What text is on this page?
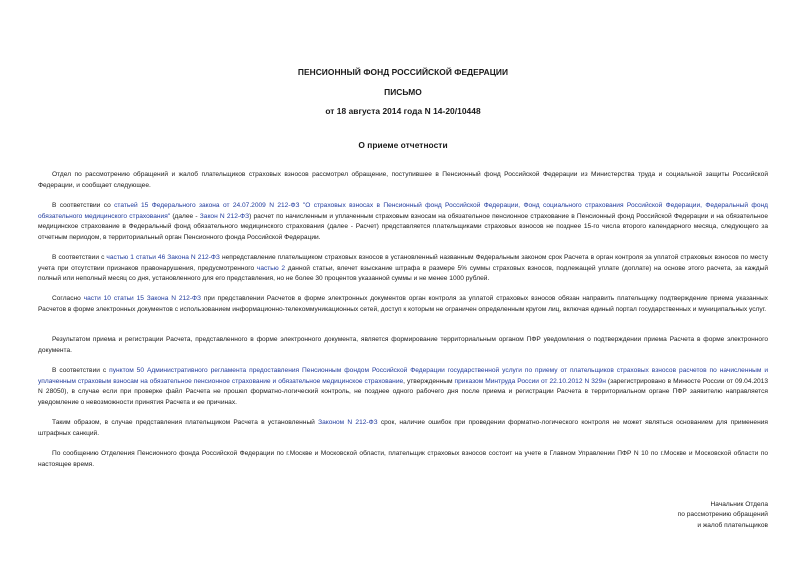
ПЕНСИОННЫЙ ФОНД РОССИЙСКОЙ ФЕДЕРАЦИИ
ПИСЬМО
от 18 августа 2014 года N 14-20/10448
О приеме отчетности

Отдел по рассмотрению обращений и жалоб плательщиков страховых взносов рассмотрел обращение, поступившее в Пенсионный фонд Российской Федерации из Министерства труда и социальной защиты Российской Федерации, и сообщает следующее.

В соответствии со статьей 15 Федерального закона от 24.07.2009 N 212-ФЗ "О страховых взносах в Пенсионный фонд Российской Федерации, Фонд социального страхования Российской Федерации, Федеральный фонд обязательного медицинского страхования" (далее - Закон N 212-ФЗ) расчет по начисленным и уплаченным страховым взносам на обязательное пенсионное страхование в Пенсионный фонд Российской Федерации и на обязательное медицинское страхование в Федеральный фонд обязательного медицинского страхования (далее - Расчет) представляется плательщиками страховых взносов не позднее 15-го числа второго календарного месяца, следующего за отчетным периодом, в территориальный орган Пенсионного фонда Российской Федерации.

В соответствии с частью 1 статьи 46 Закона N 212-ФЗ непредставление плательщиком страховых взносов в установленный названным Федеральным законом срок Расчета в орган контроля за уплатой страховых взносов по месту учета при отсутствии признаков правонарушения, предусмотренного частью 2 данной статьи, влечет взыскание штрафа в размере 5% суммы страховых взносов, подлежащей уплате (доплате) на основе этого расчета, за каждый полный или неполный месяц со дня, установленного для его представления, но не более 30 процентов указанной суммы и не менее 1000 рублей.

Согласно части 10 статьи 15 Закона N 212-ФЗ при представлении Расчетов в форме электронных документов орган контроля за уплатой страховых взносов обязан направить плательщику подтверждение приема указанных Расчетов в форме электронных документов с использованием информационно-телекоммуникационных сетей, доступ к которым не ограничен определенным кругом лиц, включая единый портал государственных и муниципальных услуг.

Результатом приема и регистрации Расчета, представленного в форме электронного документа, является формирование территориальным органом ПФР уведомления о подтверждении приема Расчета в форме электронного документа.

В соответствии с пунктом 50 Административного регламента предоставления Пенсионным фондом Российской Федерации государственной услуги по приему от плательщиков страховых взносов расчетов по начисленным и уплаченным страховым взносам на обязательное пенсионное страхование и обязательное медицинское страхование, утвержденным приказом Минтруда России от 22.10.2012 N 329н (зарегистрировано в Минюсте России от 09.04.2013 N 28050), в случае если при проверке файл Расчета не прошел форматно-логический контроль, не позднее одного рабочего дня после приема и регистрации Расчета в территориальном органе ПФР заявителю направляется уведомление о невозможности принятия Расчета и ее причинах.

Таким образом, в случае представления плательщиком Расчета в установленный Законом N 212-ФЗ срок, наличие ошибок при проведении форматно-логического контроля не может являться основанием для применения штрафных санкций.

По сообщению Отделения Пенсионного фонда Российской Федерации по г.Москве и Московской области, плательщик страховых взносов состоит на учете в Главном Управлении ПФР N 10 по г.Москве и Московской области по настоящее время.

Начальник Отдела
по рассмотрению обращений
и жалоб плательщиков
